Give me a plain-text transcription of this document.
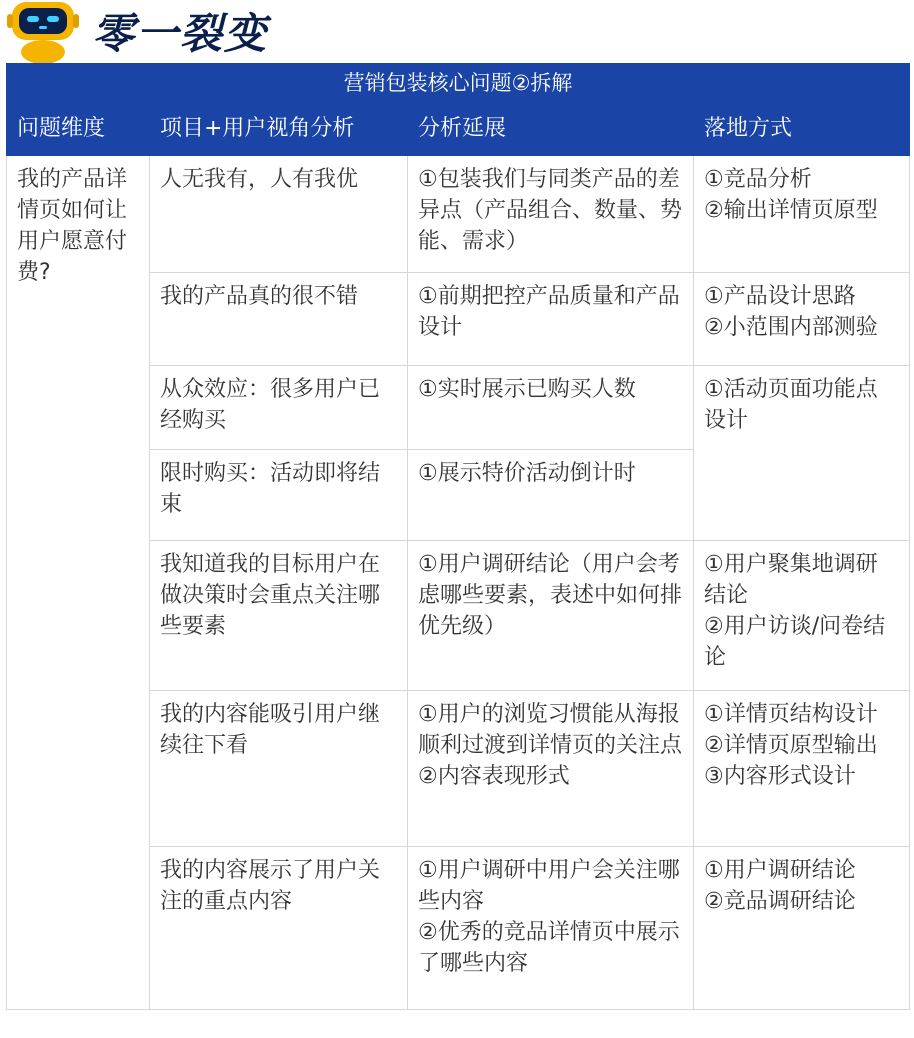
零一裂变
营销包装核心问题②拆解			
问题维度	项目+用户视角分析	分析延展	落地方式
我的产品详情页如何让用户愿意付费?	人无我有，人有我优	①包装我们与同类产品的差异点（产品组合、数量、势能、需求）	①竞品分析
②输出详情页原型

	我的产品真的很不错	①前期把控产品质量和产品设计	①产品设计思路
②小范围内部测验

	从众效应：很多用户已经购买	①实时展示已购买人数	①活动页面功能点设计

	限时购买：活动即将结束	①展示特价活动倒计时	
	我知道我的目标用户在做决策时会重点关注哪些要素	①用户调研结论（用户会考虑哪些要素，表述中如何排优先级）	①用户聚集地调研结论
②用户访谈/问卷结论

	我的内容能吸引用户继续往下看	①用户的浏览习惯能从海报顺利过渡到详情页的关注点
②内容表现形式	①详情页结构设计
②详情页原型输出
③内容形式设计

	我的内容展示了用户关注的重点内容	①用户调研中用户会关注哪些内容
②优秀的竞品详情页中展示了哪些内容	①用户调研结论
②竞品调研结论
